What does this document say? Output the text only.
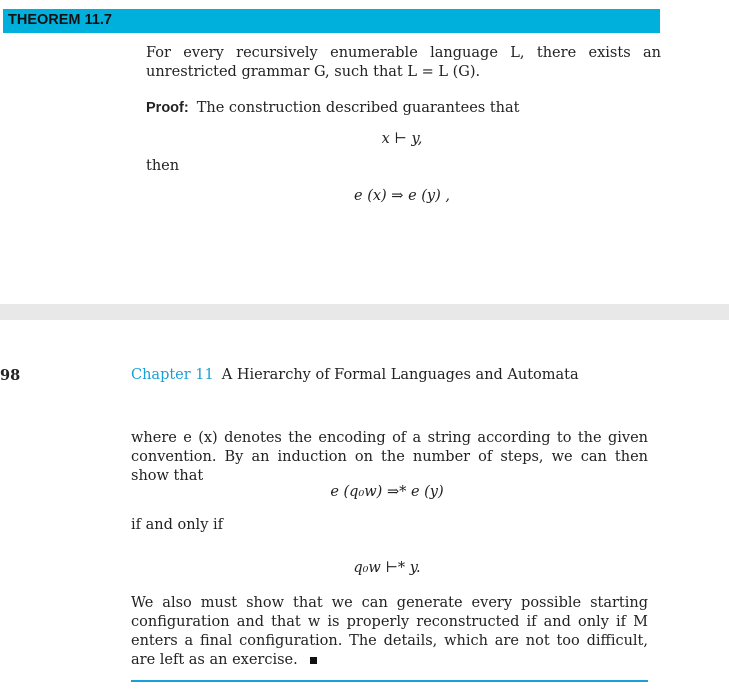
THEOREM 11.7

For every recursively enumerable language L, there exists an unrestricted grammar G, such that L = L (G).

Proof: The construction described guarantees that
x ⊢ y,
then
e (x) ⇒ e (y) ,
98	Chapter 11 A Hierarchy of Formal Languages and Automata

where e (x) denotes the encoding of a string according to the given convention. By an induction on the number of steps, we can then show that

e (q₀w) ⇒* e (y)
if and only if
q₀w ⊢* y.

We also must show that we can generate every possible starting configuration and that w is properly reconstructed if and only if M enters a final configuration. The details, which are not too difficult, are left as an exercise.
